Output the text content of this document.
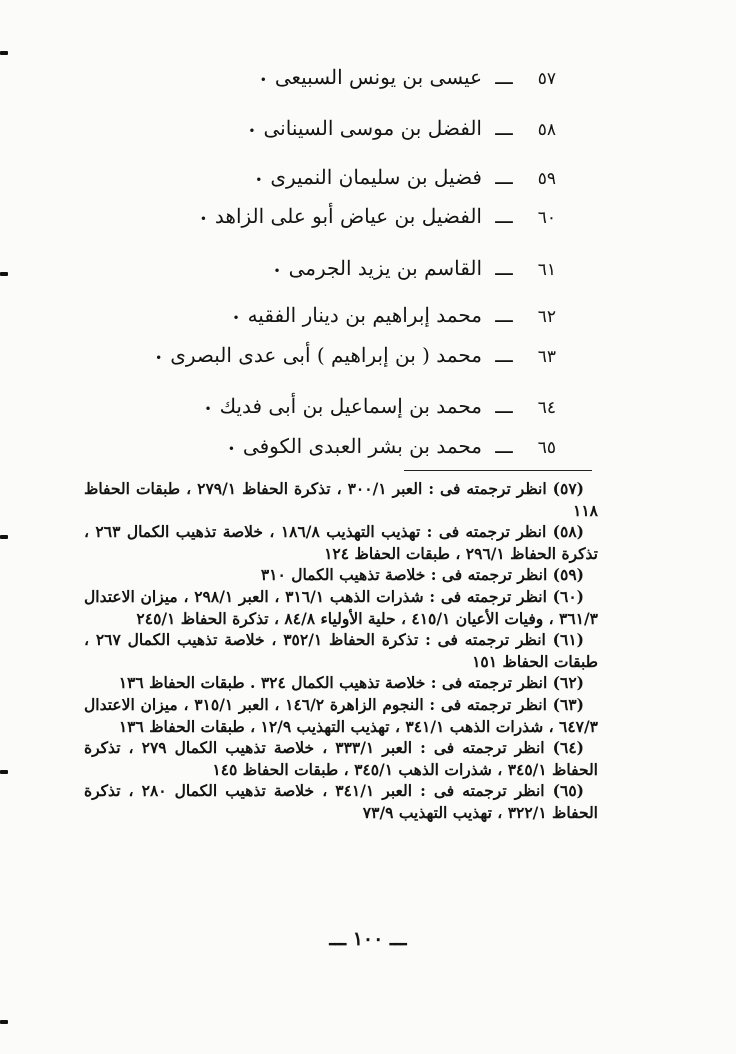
٥٧
ـــ
عيسى بن يونس السبيعى
•
٥٨
ـــ
الفضل بن موسى السينانى
•
٥٩
ـــ
فضيل بن سليمان النميرى
•
٦٠
ـــ
الفضيل بن عياض أبو على الزاهد
•
٦١
ـــ
القاسم بن يزيد الجرمى
•
٦٢
ـــ
محمد إبراهيم بن دينار الفقيه
•
٦٣
ـــ
محمد ( بن إبراهيم ) أبى عدى البصرى
•
٦٤
ـــ
محمد بن إسماعيل بن أبى فديك
•
٦٥
ـــ
محمد بن بشر العبدى الكوفى
•

(٥٧) انظر ترجمته فى : العبر ٣٠٠/١ ، تذكرة الحفاظ ٢٧٩/١ ، طبقات الحفاظ ١١٨

(٥٨) انظر ترجمته فى : تهذيب التهذيب ١٨٦/٨ ، خلاصة تذهيب الكمال ٢٦٣ ، تذكرة الحفاظ ٢٩٦/١ ، طبقات الحفاظ ١٢٤

(٥٩) انظر ترجمته فى : خلاصة تذهيب الكمال ٣١٠

(٦٠) انظر ترجمته فى : شذرات الذهب ٣١٦/١ ، العبر ٢٩٨/١ ، ميزان الاعتدال ٣٦١/٣ ، وفيات الأعيان ٤١٥/١ ، حلية الأولياء ٨٤/٨ ، تذكرة الحفاظ ٢٤٥/١

(٦١) انظر ترجمته فى : تذكرة الحفاظ ٣٥٢/١ ، خلاصة تذهيب الكمال ٢٦٧ ، طبقات الحفاظ ١٥١

(٦٢) انظر ترجمته فى : خلاصة تذهيب الكمال ٣٢٤ . طبقات الحفاظ ١٣٦

(٦٣) انظر ترجمته فى : النجوم الزاهرة ١٤٦/٢ ، العبر ٣١٥/١ ، ميزان الاعتدال ٦٤٧/٣ ، شذرات الذهب ٣٤١/١ ، تهذيب التهذيب ١٢/٩ ، طبقات الحفاظ ١٣٦

(٦٤) انظر ترجمته فى : العبر ٣٣٣/١ ، خلاصة تذهيب الكمال ٢٧٩ ، تذكرة الحفاظ ٣٤٥/١ ، شذرات الذهب ٣٤٥/١ ، طبقات الحفاظ ١٤٥

(٦٥) انظر ترجمته فى : العبر ٣٤١/١ ، خلاصة تذهيب الكمال ٢٨٠ ، تذكرة الحفاظ ٣٢٢/١ ، تهذيب التهذيب ٧٣/٩

ـــ ١٠٠ ـــ
